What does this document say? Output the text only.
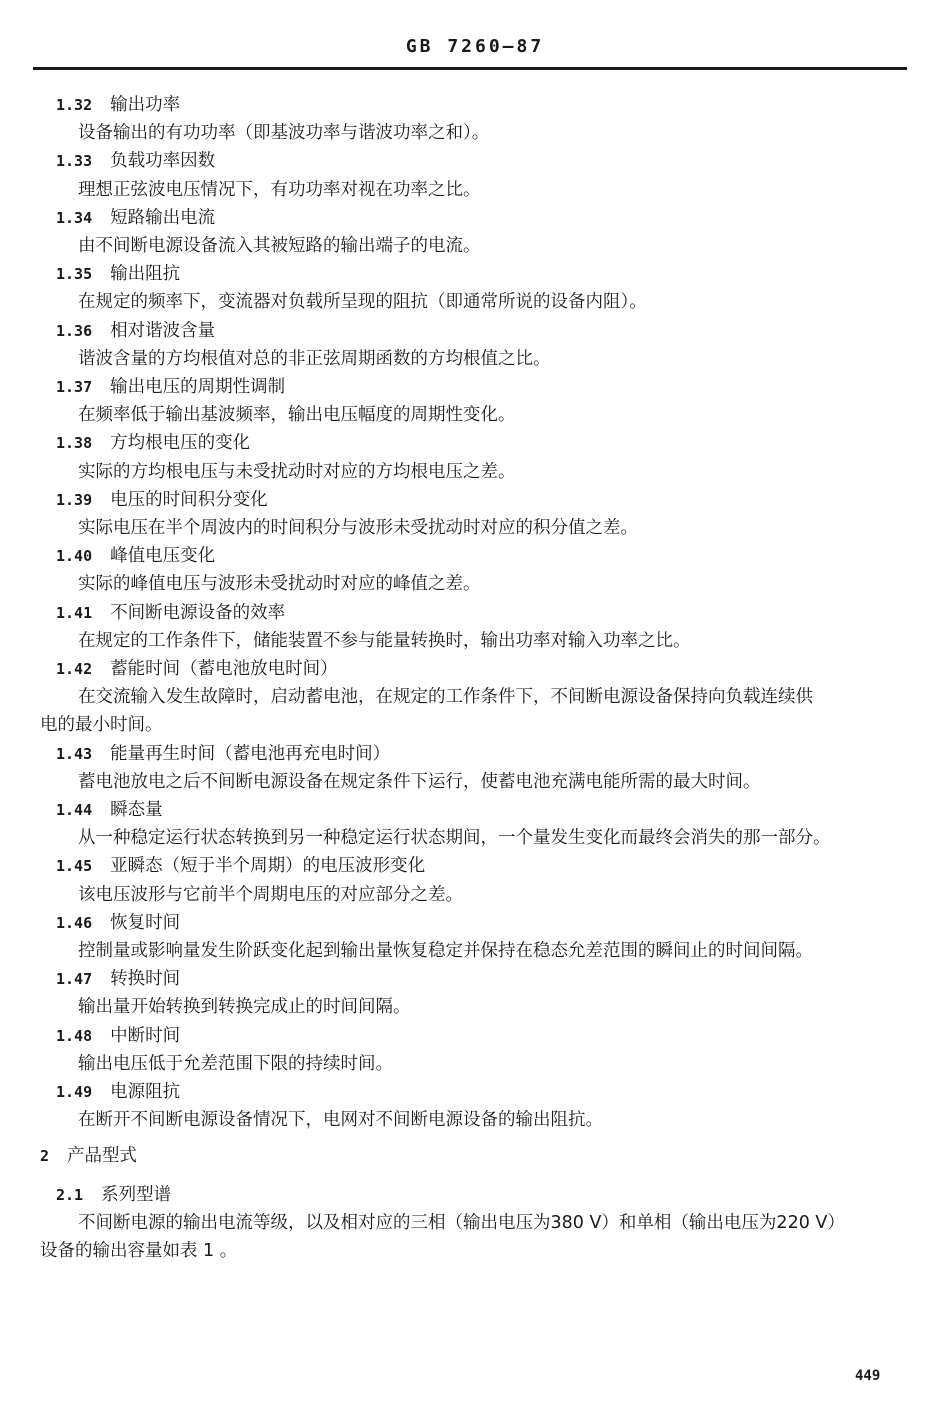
GB 7260—87
1.32 输出功率
设备输出的有功功率（即基波功率与谐波功率之和）。
1.33 负载功率因数
理想正弦波电压情况下，有功功率对视在功率之比。
1.34 短路输出电流
由不间断电源设备流入其被短路的输出端子的电流。
1.35 输出阻抗
在规定的频率下，变流器对负载所呈现的阻抗（即通常所说的设备内阻）。
1.36 相对谐波含量
谐波含量的方均根值对总的非正弦周期函数的方均根值之比。
1.37 输出电压的周期性调制
在频率低于输出基波频率，输出电压幅度的周期性变化。
1.38 方均根电压的变化
实际的方均根电压与未受扰动时对应的方均根电压之差。
1.39 电压的时间积分变化
实际电压在半个周波内的时间积分与波形未受扰动时对应的积分值之差。
1.40 峰值电压变化
实际的峰值电压与波形未受扰动时对应的峰值之差。
1.41 不间断电源设备的效率
在规定的工作条件下，储能装置不参与能量转换时，输出功率对输入功率之比。
1.42 蓄能时间（蓄电池放电时间）
在交流输入发生故障时，启动蓄电池，在规定的工作条件下，不间断电源设备保持向负载连续供
电的最小时间。
1.43 能量再生时间（蓄电池再充电时间）
蓄电池放电之后不间断电源设备在规定条件下运行，使蓄电池充满电能所需的最大时间。
1.44 瞬态量
从一种稳定运行状态转换到另一种稳定运行状态期间，一个量发生变化而最终会消失的那一部分。
1.45 亚瞬态（短于半个周期）的电压波形变化
该电压波形与它前半个周期电压的对应部分之差。
1.46 恢复时间
控制量或影响量发生阶跃变化起到输出量恢复稳定并保持在稳态允差范围的瞬间止的时间间隔。
1.47 转换时间
输出量开始转换到转换完成止的时间间隔。
1.48 中断时间
输出电压低于允差范围下限的持续时间。
1.49 电源阻抗
在断开不间断电源设备情况下，电网对不间断电源设备的输出阻抗。
2 产品型式
2.1 系列型谱
不间断电源的输出电流等级，以及相对应的三相（输出电压为380 V）和单相（输出电压为220 V）
设备的输出容量如表 1 。
449
